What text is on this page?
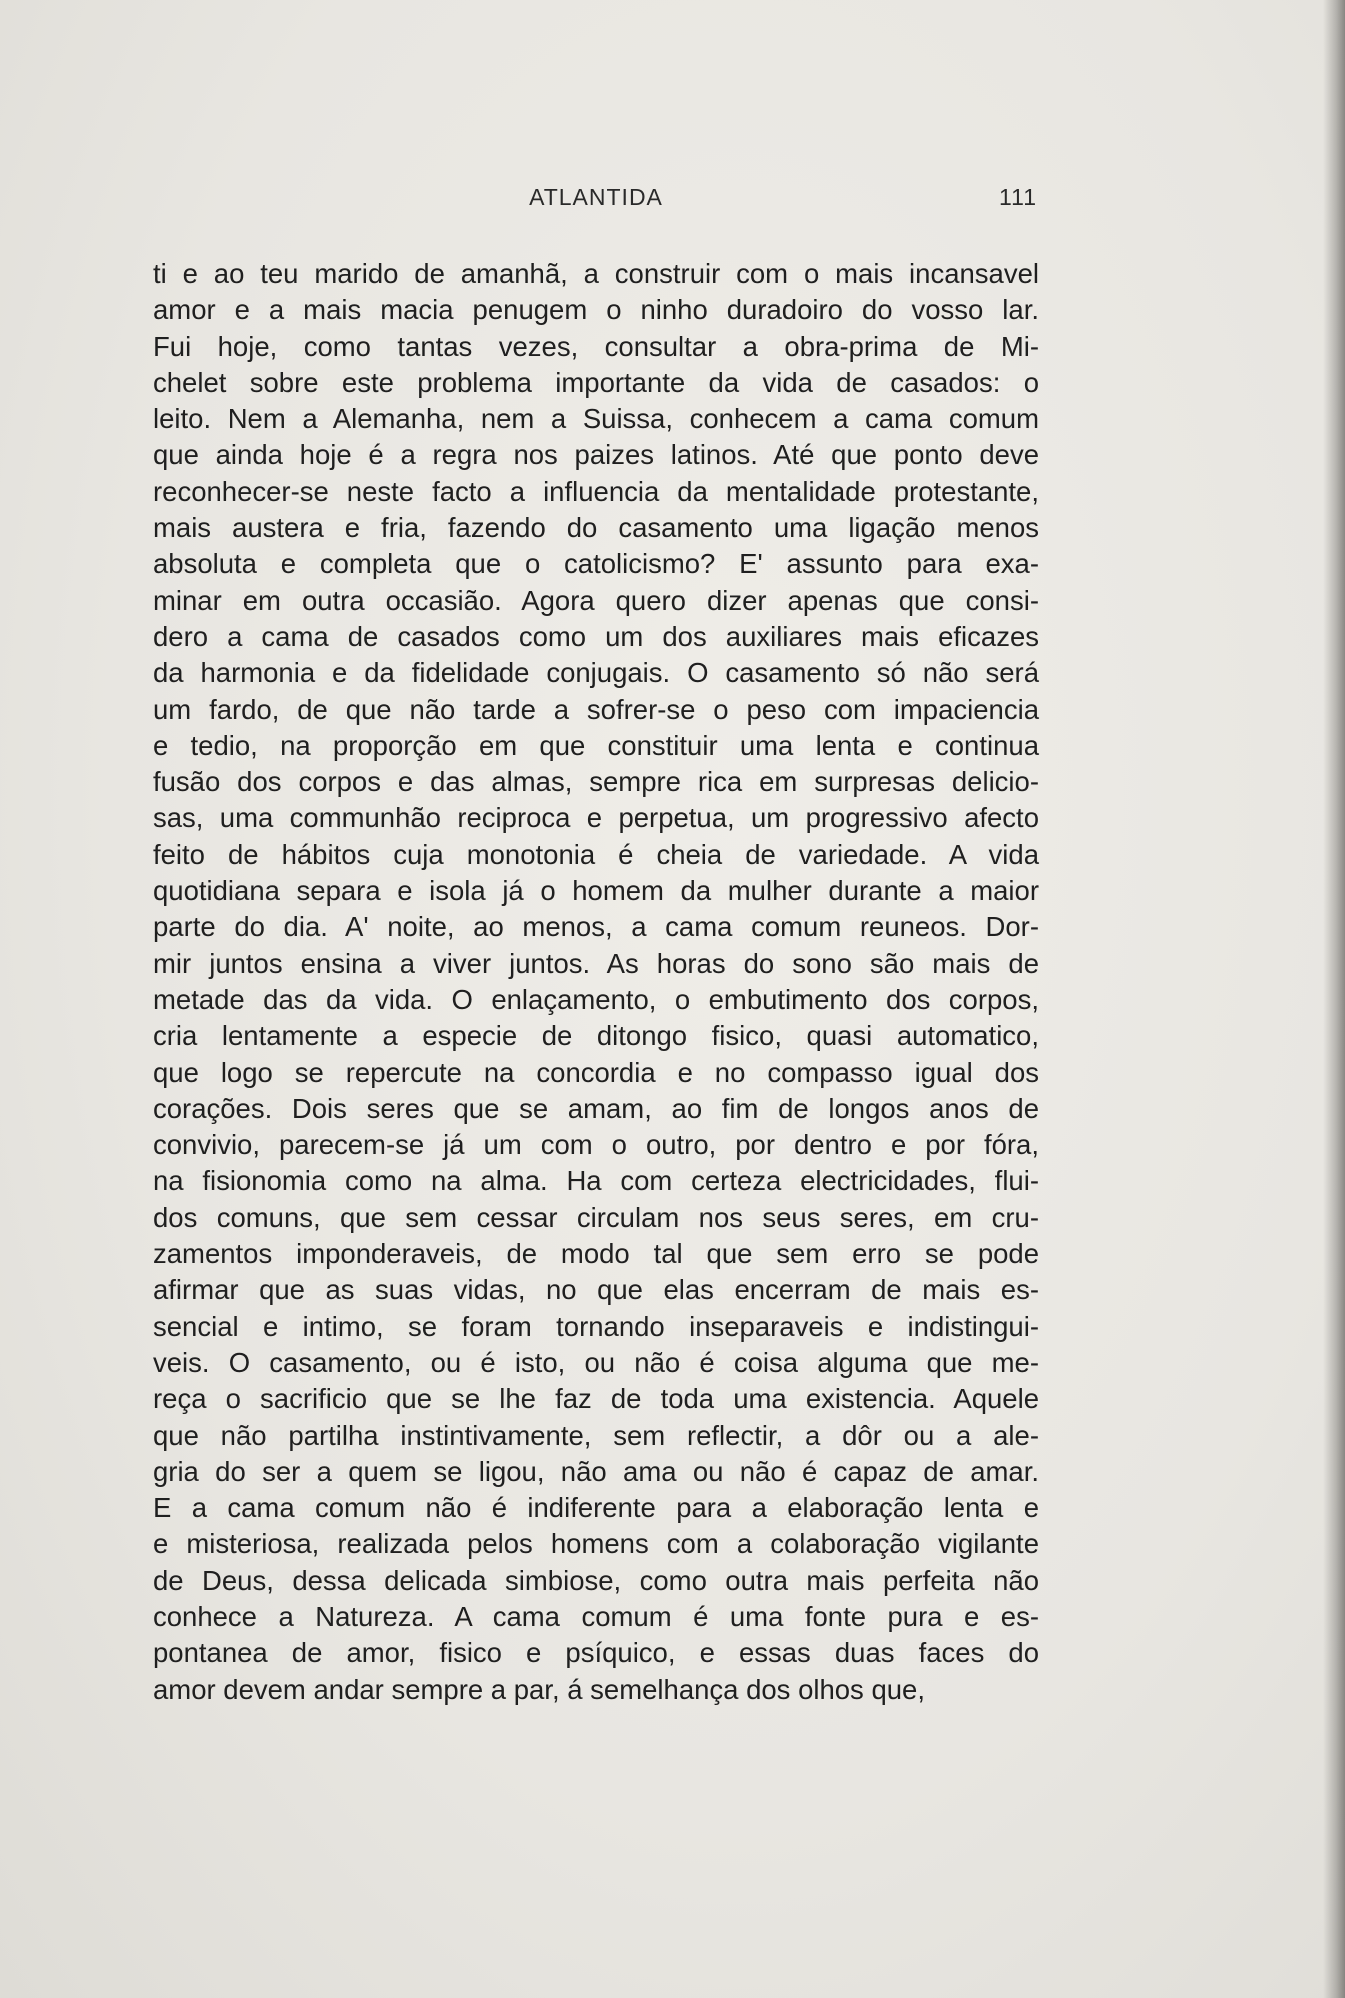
ATLANTIDA	111
ti e ao teu marido de amanhã, a construir com o mais incansavel
amor e a mais macia penugem o ninho duradoiro do vosso lar.
Fui hoje, como tantas vezes, consultar a obra-prima de Mi-
chelet sobre este problema importante da vida de casados: o
leito. Nem a Alemanha, nem a Suissa, conhecem a cama comum
que ainda hoje é a regra nos paizes latinos. Até que ponto deve
reconhecer-se neste facto a influencia da mentalidade protestante,
mais austera e fria, fazendo do casamento uma ligação menos
absoluta e completa que o catolicismo? E' assunto para exa-
minar em outra occasião. Agora quero dizer apenas que consi-
dero a cama de casados como um dos auxiliares mais eficazes
da harmonia e da fidelidade conjugais. O casamento só não será
um fardo, de que não tarde a sofrer-se o peso com impaciencia
e tedio, na proporção em que constituir uma lenta e continua
fusão dos corpos e das almas, sempre rica em surpresas delicio-
sas, uma communhão reciproca e perpetua, um progressivo afecto
feito de hábitos cuja monotonia é cheia de variedade. A vida
quotidiana separa e isola já o homem da mulher durante a maior
parte do dia. A' noite, ao menos, a cama comum reuneos. Dor-
mir juntos ensina a viver juntos. As horas do sono são mais de
metade das da vida. O enlaçamento, o embutimento dos corpos,
cria lentamente a especie de ditongo fisico, quasi automatico,
que logo se repercute na concordia e no compasso igual dos
corações. Dois seres que se amam, ao fim de longos anos de
convivio, parecem-se já um com o outro, por dentro e por fóra,
na fisionomia como na alma. Ha com certeza electricidades, flui-
dos comuns, que sem cessar circulam nos seus seres, em cru-
zamentos imponderaveis, de modo tal que sem erro se pode
afirmar que as suas vidas, no que elas encerram de mais es-
sencial e intimo, se foram tornando inseparaveis e indistingui-
veis. O casamento, ou é isto, ou não é coisa alguma que me-
reça o sacrificio que se lhe faz de toda uma existencia. Aquele
que não partilha instintivamente, sem reflectir, a dôr ou a ale-
gria do ser a quem se ligou, não ama ou não é capaz de amar.
E a cama comum não é indiferente para a elaboração lenta e
e misteriosa, realizada pelos homens com a colaboração vigilante
de Deus, dessa delicada simbiose, como outra mais perfeita não
conhece a Natureza. A cama comum é uma fonte pura e es-
pontanea de amor, fisico e psíquico, e essas duas faces do
amor devem andar sempre a par, á semelhança dos olhos que,
